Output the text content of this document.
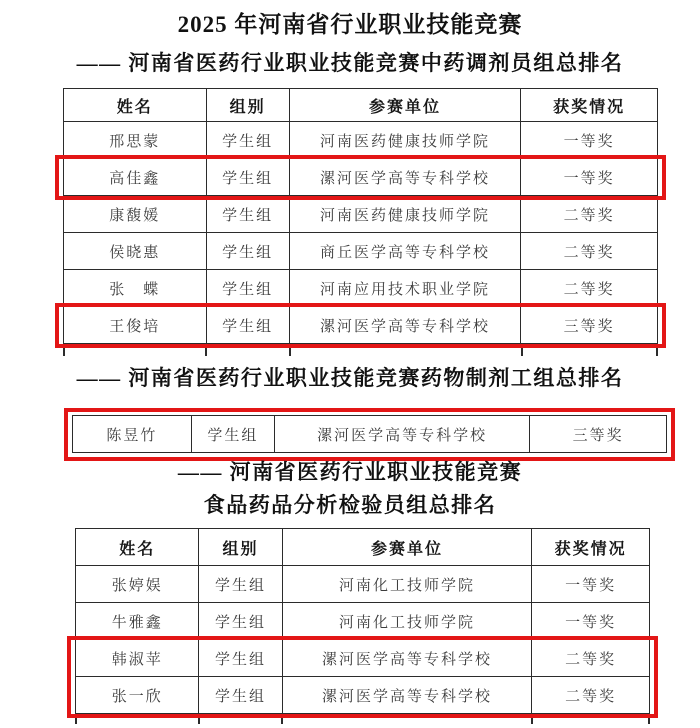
2025 年河南省行业职业技能竞赛
—— 河南省医药行业职业技能竞赛中药调剂员组总排名
姓名	组别	参赛单位	获奖情况
邢思蒙	学生组	河南医药健康技师学院	一等奖
高佳鑫	学生组	漯河医学高等专科学校	一等奖
康馥媛	学生组	河南医药健康技师学院	二等奖
侯晓惠	学生组	商丘医学高等专科学校	二等奖
张　蝶	学生组	河南应用技术职业学院	二等奖
王俊培	学生组	漯河医学高等专科学校	三等奖
—— 河南省医药行业职业技能竞赛药物制剂工组总排名
陈昱竹	学生组	漯河医学高等专科学校	三等奖
—— 河南省医药行业职业技能竞赛
食品药品分析检验员组总排名
姓名	组别	参赛单位	获奖情况
张婷娱	学生组	河南化工技师学院	一等奖
牛雅鑫	学生组	河南化工技师学院	一等奖
韩淑苹	学生组	漯河医学高等专科学校	二等奖
张一欣	学生组	漯河医学高等专科学校	二等奖
